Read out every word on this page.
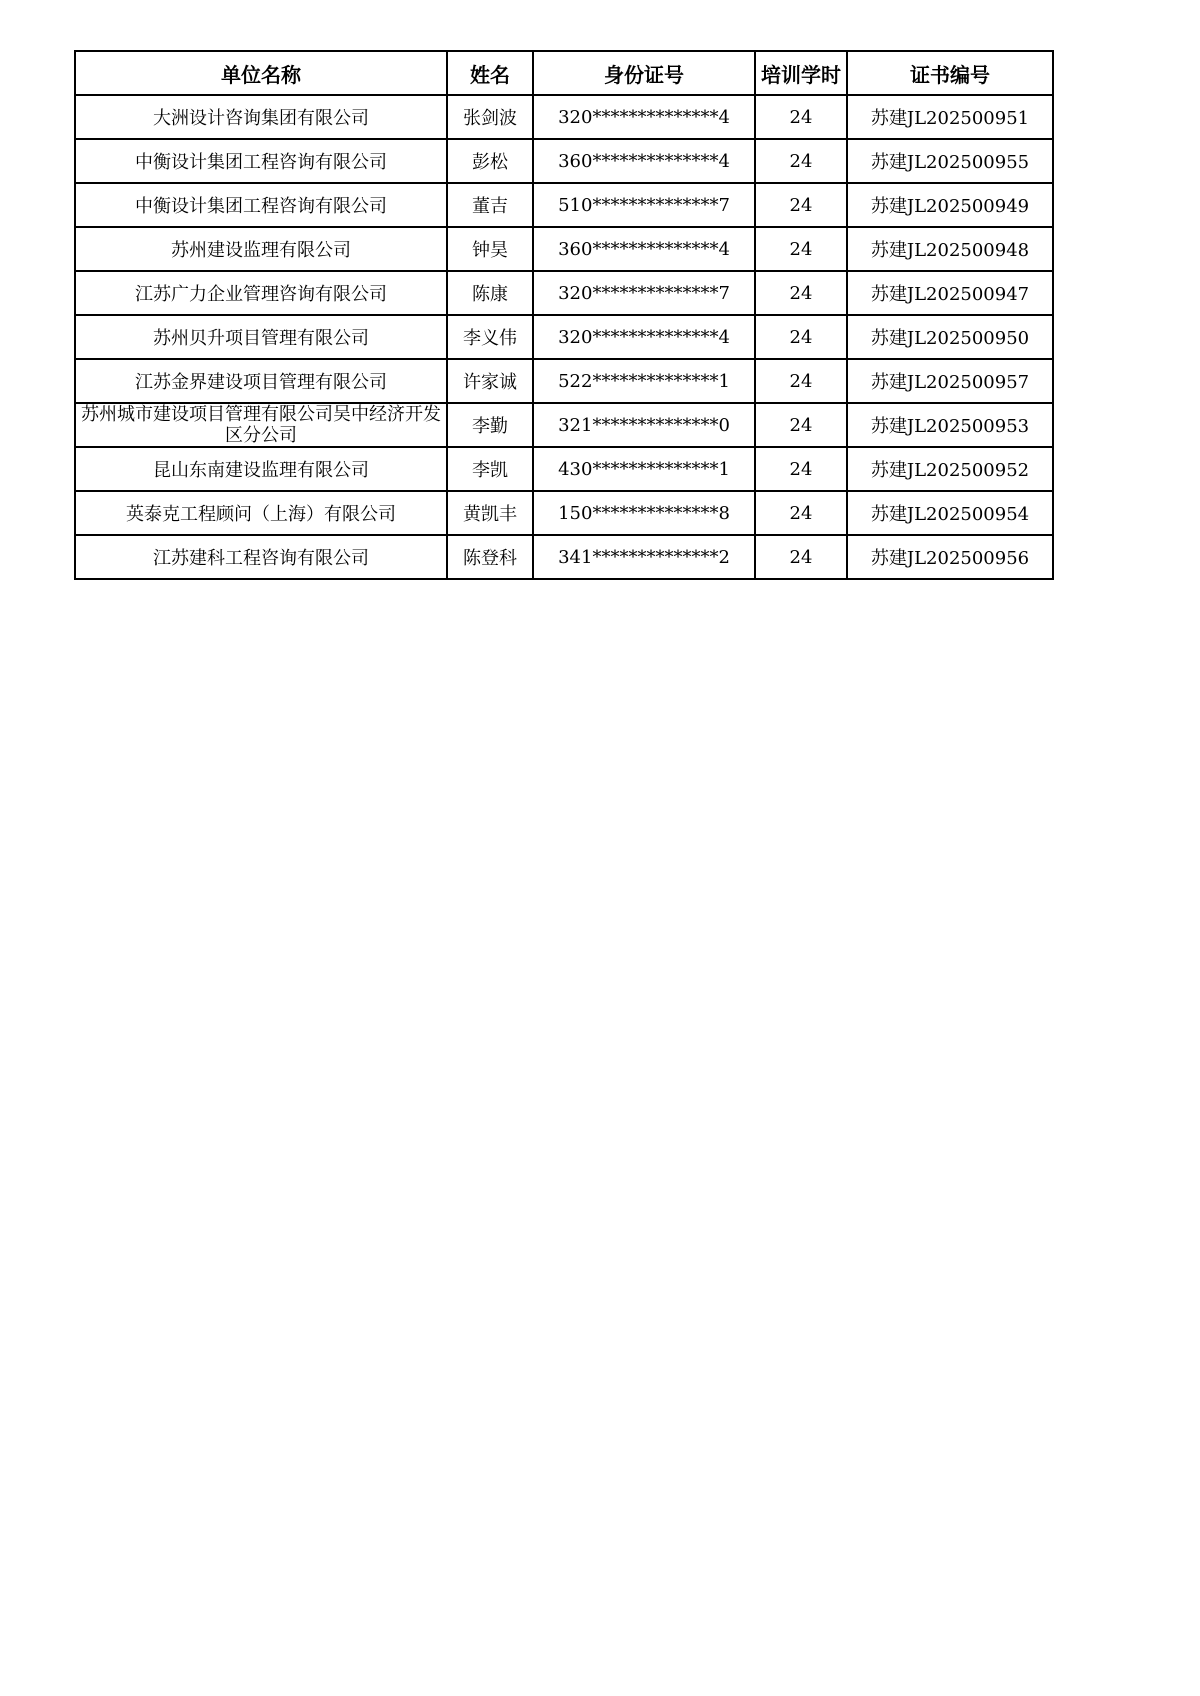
单位名称	姓名	身份证号	培训学时	证书编号
大洲设计咨询集团有限公司	张剑波	320**************4	24	苏建JL202500951
中衡设计集团工程咨询有限公司	彭松	360**************4	24	苏建JL202500955
中衡设计集团工程咨询有限公司	董吉	510**************7	24	苏建JL202500949
苏州建设监理有限公司	钟昊	360**************4	24	苏建JL202500948
江苏广力企业管理咨询有限公司	陈康	320**************7	24	苏建JL202500947
苏州贝升项目管理有限公司	李义伟	320**************4	24	苏建JL202500950
江苏金界建设项目管理有限公司	许家诚	522**************1	24	苏建JL202500957
苏州城市建设项目管理有限公司吴中经济开发区分公司	李勤	321**************0	24	苏建JL202500953
昆山东南建设监理有限公司	李凯	430**************1	24	苏建JL202500952
英泰克工程顾问（上海）有限公司	黄凯丰	150**************8	24	苏建JL202500954
江苏建科工程咨询有限公司	陈登科	341**************2	24	苏建JL202500956
